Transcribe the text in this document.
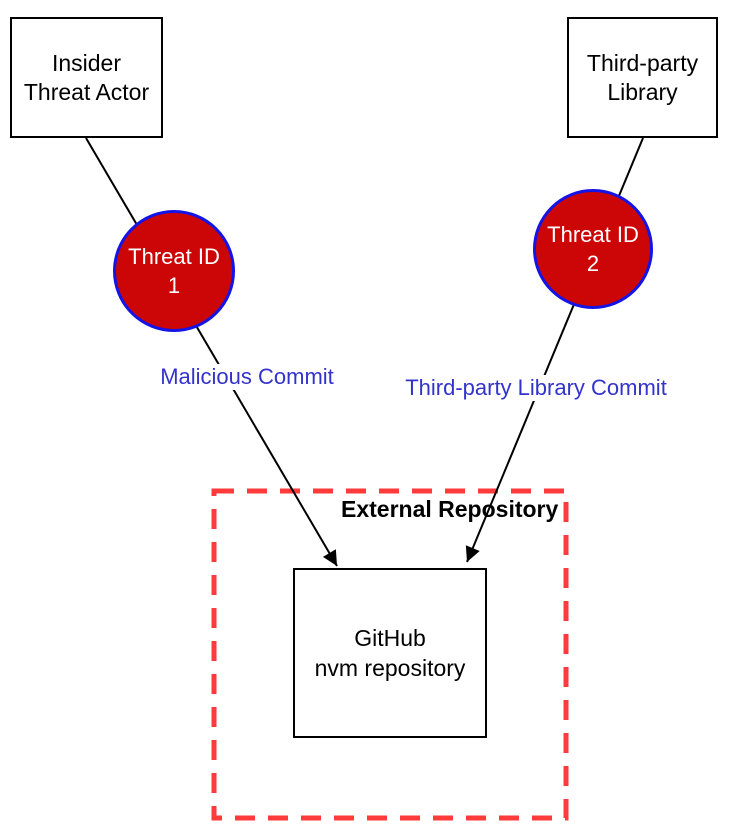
Insider
Threat Actor
Third-party
Library
GitHub
nvm repository
External Repository
Threat ID
1
Threat ID
2
Malicious Commit	Third-party Library Commit
